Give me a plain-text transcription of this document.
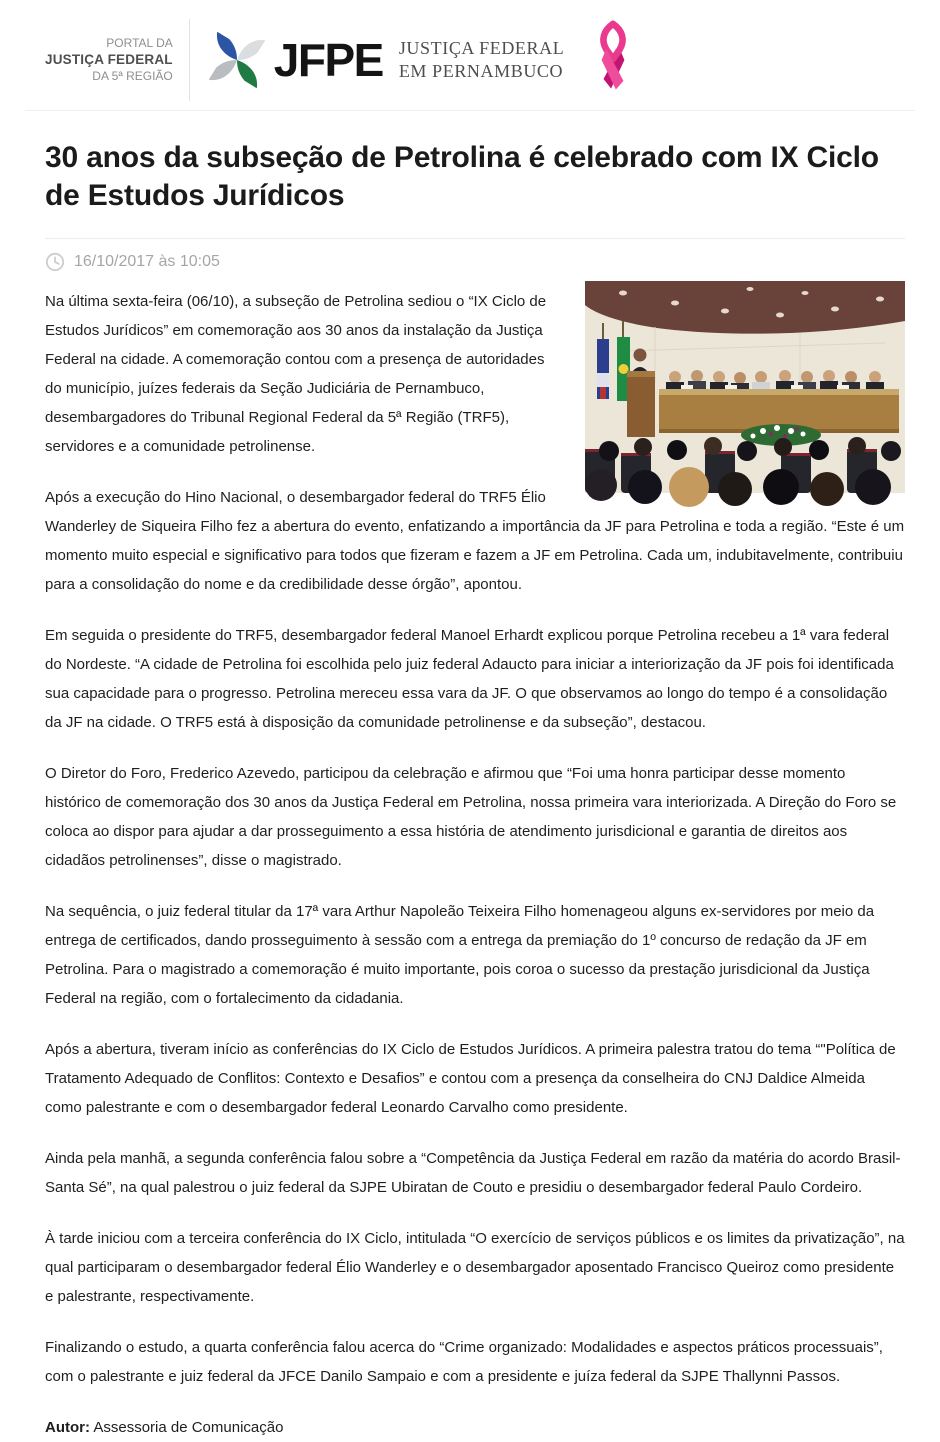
PORTAL DA
JUSTIÇA FEDERAL
DA 5ª REGIÃO JFPE JUSTIÇA FEDERAL
EM PERNAMBUCO
30 anos da subseção de Petrolina é celebrado com IX Ciclo de Estudos Jurídicos
16/10/2017 às 10:05

Na última sexta-feira (06/10), a subseção de Petrolina sediou o “IX Ciclo de Estudos Jurídicos” em comemoração aos 30 anos da instalação da Justiça Federal na cidade. A comemoração contou com a presença de autoridades do município, juízes federais da Seção Judiciária de Pernambuco, desembargadores do Tribunal Regional Federal da 5ª Região (TRF5), servidores e a comunidade petrolinense.

Após a execução do Hino Nacional, o desembargador federal do TRF5 Élio Wanderley de Siqueira Filho fez a abertura do evento, enfatizando a importância da JF para Petrolina e toda a região. “Este é um momento muito especial e significativo para todos que fizeram e fazem a JF em Petrolina. Cada um, indubitavelmente, contribuiu para a consolidação do nome e da credibilidade desse órgão”, apontou.

Em seguida o presidente do TRF5, desembargador federal Manoel Erhardt explicou porque Petrolina recebeu a 1ª vara federal do Nordeste. “A cidade de Petrolina foi escolhida pelo juiz federal Adaucto para iniciar a interiorização da JF pois foi identificada sua capacidade para o progresso. Petrolina mereceu essa vara da JF. O que observamos ao longo do tempo é a consolidação da JF na cidade. O TRF5 está à disposição da comunidade petrolinense e da subseção”, destacou.

O Diretor do Foro, Frederico Azevedo, participou da celebração e afirmou que “Foi uma honra participar desse momento histórico de comemoração dos 30 anos da Justiça Federal em Petrolina, nossa primeira vara interiorizada. A Direção do Foro se coloca ao dispor para ajudar a dar prosseguimento a essa história de atendimento jurisdicional e garantia de direitos aos cidadãos petrolinenses”, disse o magistrado.

Na sequência, o juiz federal titular da 17ª vara Arthur Napoleão Teixeira Filho homenageou alguns ex-servidores por meio da entrega de certificados, dando prosseguimento à sessão com a entrega da premiação do 1º concurso de redação da JF em Petrolina. Para o magistrado a comemoração é muito importante, pois coroa o sucesso da prestação jurisdicional da Justiça Federal na região, com o fortalecimento da cidadania.

Após a abertura, tiveram início as conferências do IX Ciclo de Estudos Jurídicos. A primeira palestra tratou do tema “"Política de Tratamento Adequado de Conflitos: Contexto e Desafios” e contou com a presença da conselheira do CNJ Daldice Almeida como palestrante e com o desembargador federal Leonardo Carvalho como presidente.

Ainda pela manhã, a segunda conferência falou sobre a “Competência da Justiça Federal em razão da matéria do acordo Brasil-Santa Sé”, na qual palestrou o juiz federal da SJPE Ubiratan de Couto e presidiu o desembargador federal Paulo Cordeiro.

À tarde iniciou com a terceira conferência do IX Ciclo, intitulada “O exercício de serviços públicos e os limites da privatização”, na qual participaram o desembargador federal Élio Wanderley e o desembargador aposentado Francisco Queiroz como presidente e palestrante, respectivamente.

Finalizando o estudo, a quarta conferência falou acerca do “Crime organizado: Modalidades e aspectos práticos processuais”, com o palestrante e juiz federal da JFCE Danilo Sampaio e com a presidente e juíza federal da SJPE Thallynni Passos.

Autor: Assessoria de Comunicação
